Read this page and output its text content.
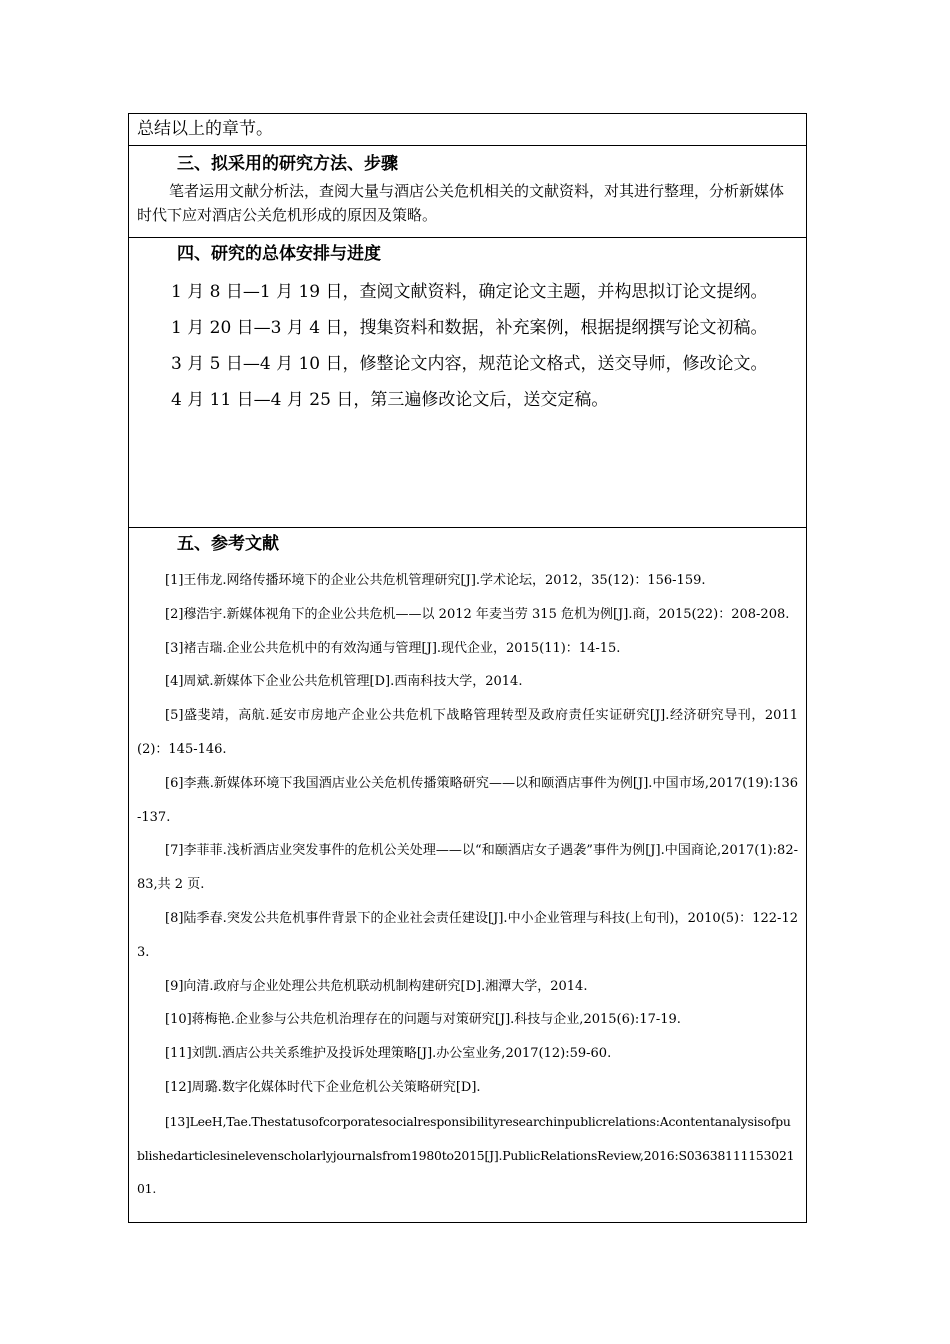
总结以上的章节。
三、拟采用的研究方法、步骤
笔者运用文献分析法，查阅大量与酒店公关危机相关的文献资料，对其进行整理，分析新媒体时代下应对酒店公关危机形成的原因及策略。
四、研究的总体安排与进度
1 月 8 日—1 月 19 日，查阅文献资料，确定论文主题，并构思拟订论文提纲。
1 月 20 日—3 月 4 日，搜集资料和数据，补充案例，根据提纲撰写论文初稿。
3 月 5 日—4 月 10 日，修整论文内容，规范论文格式，送交导师，修改论文。
4 月 11 日—4 月 25 日，第三遍修改论文后，送交定稿。
五、参考文献
[1]王伟龙.网络传播环境下的企业公共危机管理研究[J].学术论坛，2012，35(12)：156-159.
[2]穆浩宇.新媒体视角下的企业公共危机——以 2012 年麦当劳 315 危机为例[J].商，2015(22)：208-208.
[3]褚吉瑞.企业公共危机中的有效沟通与管理[J].现代企业，2015(11)：14-15.
[4]周斌.新媒体下企业公共危机管理[D].西南科技大学，2014.
[5]盛斐靖，高航.延安市房地产企业公共危机下战略管理转型及政府责任实证研究[J].经济研究导刊，2011(2)：145-146.
[6]李燕.新媒体环境下我国酒店业公关危机传播策略研究——以和颐酒店事件为例[J].中国市场,2017(19):136-137.
[7]李菲菲.浅析酒店业突发事件的危机公关处理——以“和颐酒店女子遇袭”事件为例[J].中国商论,2017(1):82-83,共 2 页.
[8]陆季春.突发公共危机事件背景下的企业社会责任建设[J].中小企业管理与科技(上旬刊)，2010(5)：122-123.
[9]向清.政府与企业处理公共危机联动机制构建研究[D].湘潭大学，2014.
[10]蒋梅艳.企业参与公共危机治理存在的问题与对策研究[J].科技与企业,2015(6):17-19.
[11]刘凯.酒店公共关系维护及投诉处理策略[J].办公室业务,2017(12):59-60.
[12]周璐.数字化媒体时代下企业危机公关策略研究[D].
[13]LeeH,Tae.Thestatusofcorporatesocialresponsibilityresearchinpublicrelations:Acontentanalysisofpublishedarticlesinelevenscholarlyjournalsfrom1980to2015[J].PublicRelationsReview,2016:S0363811115302101.
